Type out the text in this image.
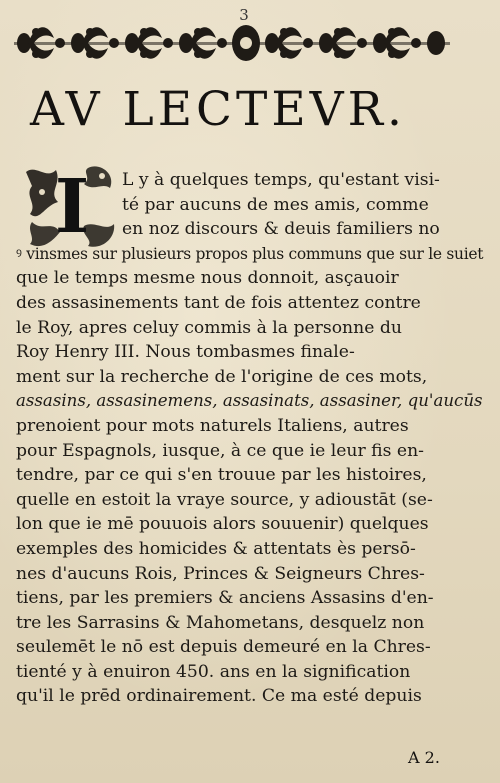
3
AV LECTEVR.
I	L y à quelques temps, qu'estant visi-
té par aucuns de mes amis, comme
en noz discours & deuis familiers no
ꝰ vinsmes sur plusieurs propos plus communs que sur le suiet
que le temps mesme nous donnoit, asçauoir
des assasinements tant de fois attentez contre
le Roy, apres celuy commis à la personne du
Roy Henry III. Nous tombasmes finale-
ment sur la recherche de l'origine de ces mots,
assasins, assasinemens, assasinats, assasiner, qu'aucūs
prenoient pour mots naturels Italiens, autres
pour Espagnols, iusque, à ce que ie leur fis en-
tendre, par ce qui s'en trouue par les histoires,
quelle en estoit la vraye source, y adioustāt (se-
lon que ie mē pouuois alors souuenir) quelques
exemples des homicides & attentats ès persō-
nes d'aucuns Rois, Princes & Seigneurs Chres-
tiens, par les premiers & anciens Assasins d'en-
tre les Sarrasins & Mahometans, desquelz non
seulemēt le nō est depuis demeuré en la Chres-
tienté y à enuiron 450. ans en la signification
qu'il le prēd ordinairement. Ce ma esté depuis
A 2.
